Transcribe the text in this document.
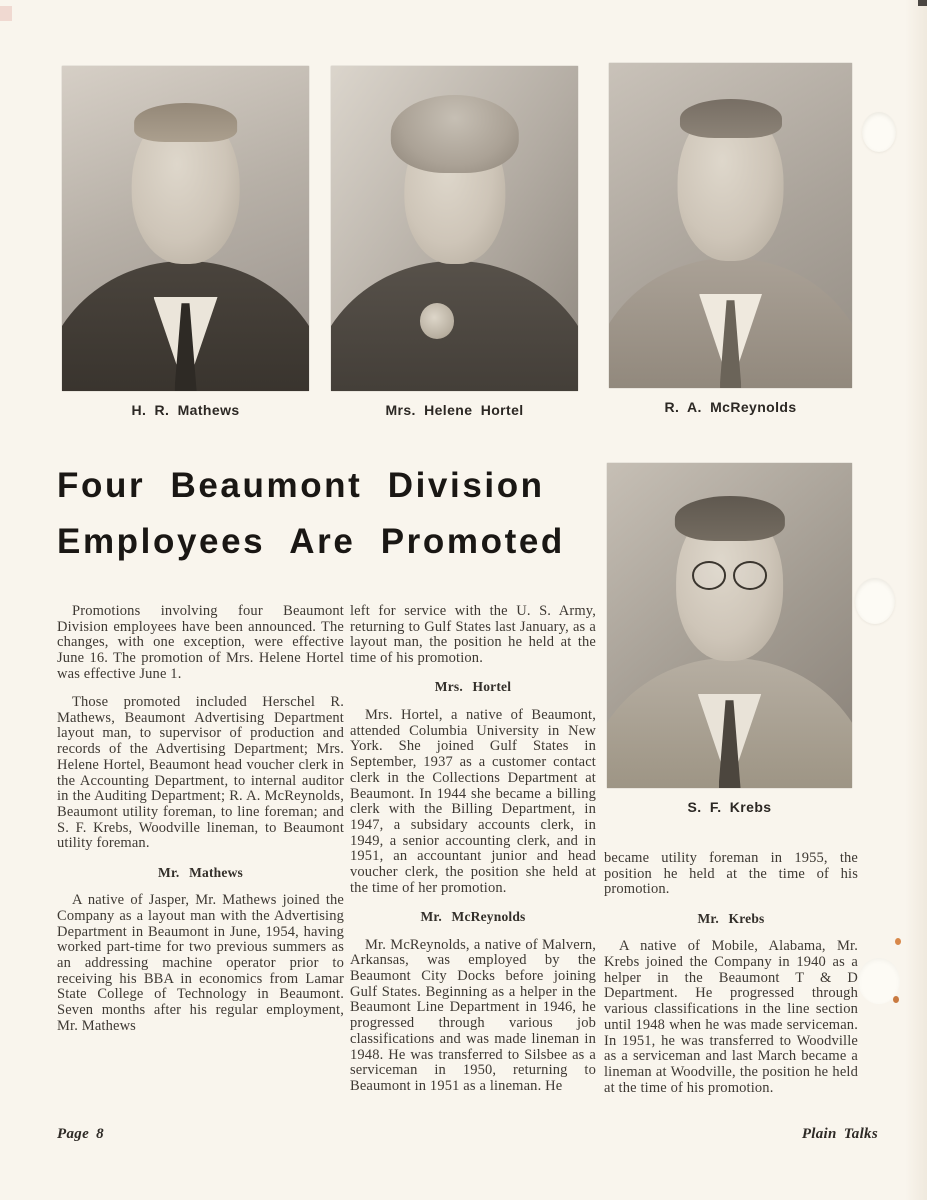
H. R. Mathews	Mrs. Helene Hortel	R. A. McReynolds
Four Beaumont Division
Employees Are Promoted
S. F. Krebs

Promotions involving four Beaumont Division employees have been announced. The changes, with one exception, were effective June 16. The promotion of Mrs. Helene Hortel was effective June 1.

Those promoted included Herschel R. Mathews, Beaumont Advertising Department layout man, to supervisor of production and records of the Advertising Department; Mrs. Helene Hortel, Beaumont head voucher clerk in the Accounting Department, to internal auditor in the Auditing Department; R. A. McReynolds, Beaumont utility foreman, to line foreman; and S. F. Krebs, Woodville lineman, to Beaumont utility foreman.

Mr. Mathews

A native of Jasper, Mr. Mathews joined the Company as a layout man with the Advertising Department in Beaumont in June, 1954, having worked part-time for two previous summers as an addressing machine operator prior to receiving his BBA in economics from Lamar State College of Technology in Beaumont. Seven months after his regular employment, Mr. Mathews

left for service with the U. S. Army, returning to Gulf States last January, as a layout man, the position he held at the time of his promotion.

Mrs. Hortel

Mrs. Hortel, a native of Beaumont, attended Columbia University in New York. She joined Gulf States in September, 1937 as a customer contact clerk in the Collections Department at Beaumont. In 1944 she became a billing clerk with the Billing Department, in 1947, a subsidary accounts clerk, in 1949, a senior accounting clerk, and in 1951, an accountant junior and head voucher clerk, the position she held at the time of her promotion.

Mr. McReynolds

Mr. McReynolds, a native of Malvern, Arkansas, was employed by the Beaumont City Docks before joining Gulf States. Beginning as a helper in the Beaumont Line Department in 1946, he progressed through various job classifications and was made lineman in 1948. He was transferred to Silsbee as a serviceman in 1950, returning to Beaumont in 1951 as a lineman. He

became utility foreman in 1955, the position he held at the time of his promotion.

Mr. Krebs

A native of Mobile, Alabama, Mr. Krebs joined the Company in 1940 as a helper in the Beaumont T & D Department. He progressed through various classifications in the line section until 1948 when he was made serviceman. In 1951, he was transferred to Woodville as a serviceman and last March became a lineman at Woodville, the position he held at the time of his promotion.

Page 8	Plain Talks
